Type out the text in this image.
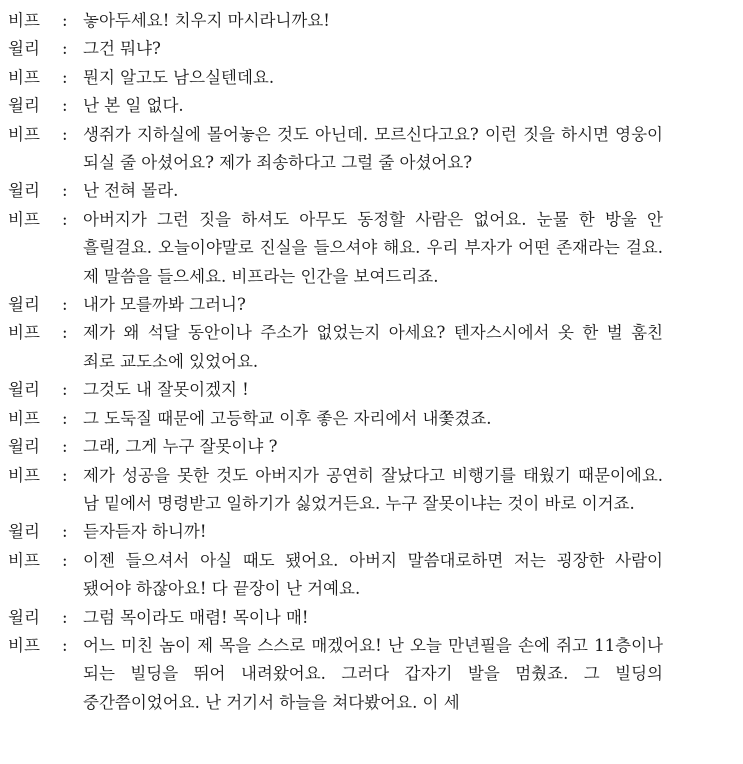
비프 : 놓아두세요! 치우지 마시라니까요!

윌리 : 그건 뭐냐?

비프 : 뭔지 알고도 남으실텐데요.

윌리 : 난 본 일 없다.

비프 : 생쥐가 지하실에 몰어놓은 것도 아닌데. 모르신다고요? 이런 짓을 하시면 영웅이 되실 줄 아셨어요? 제가 죄송하다고 그럴 줄 아셨어요?

윌리 : 난 전혀 몰라.

비프 : 아버지가 그런 짓을 하셔도 아무도 동정할 사람은 없어요. 눈물 한 방울 안 흘릴걸요. 오늘이야말로 진실을 들으셔야 해요. 우리 부자가 어떤 존재라는 걸요. 제 말씀을 들으세요. 비프라는 인간을 보여드리죠.

윌리 : 내가 모를까봐 그러니?

비프 : 제가 왜 석달 동안이나 주소가 없었는지 아세요? 텐자스시에서 옷 한 벌 훔친 죄로 교도소에 있었어요.

윌리 : 그것도 내 잘못이겠지 !

비프 : 그 도둑질 때문에 고등학교 이후 좋은 자리에서 내쫓겼죠.

윌리 : 그래, 그게 누구 잘못이냐 ?

비프 : 제가 성공을 못한 것도 아버지가 공연히 잘났다고 비행기를 태웠기 때문이에요. 남 밑에서 명령받고 일하기가 싫었거든요. 누구 잘못이냐는 것이 바로 이거죠.

윌리 : 듣자듣자 하니까!

비프 : 이젠 들으셔서 아실 때도 됐어요. 아버지 말씀대로하면 저는 굉장한 사람이 됐어야 하잖아요! 다 끝장이 난 거예요.

윌리 : 그럼 목이라도 매렴! 목이나 매!

비프 : 어느 미친 놈이 제 목을 스스로 매겠어요! 난 오늘 만년필을 손에 쥐고 11층이나 되는 빌딩을 뛰어 내려왔어요. 그러다 갑자기 발을 멈췄죠. 그 빌딩의 중간쯤이었어요. 난 거기서 하늘을 쳐다봤어요. 이 세
